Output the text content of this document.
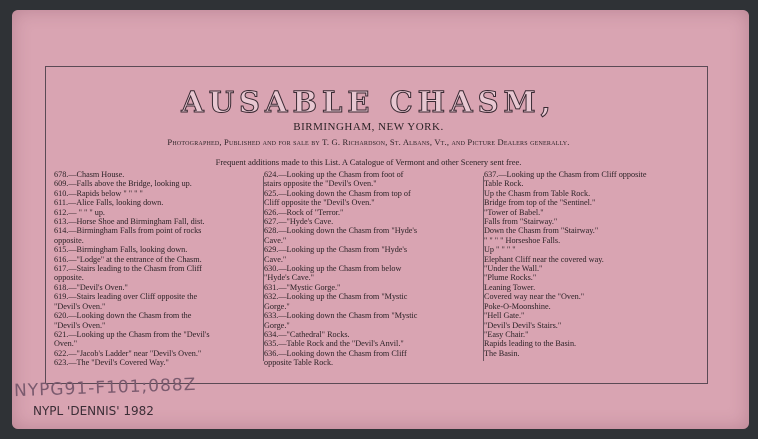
AUSABLE CHASM,
BIRMINGHAM, NEW YORK.
Photographed, Published and for sale by T. G. Richardson, St. Albans, Vt., and Picture Dealers generally.
Frequent additions made to this List. A Catalogue of Vermont and other Scenery sent free.
678.—Chasm House.
609.—Falls above the Bridge, looking up.
610.—Rapids below " " " "
611.—Alice Falls, looking down.
612.— " " " up.
613.—Horse Shoe and Birmingham Fall, dist.
614.—Birmingham Falls from point of rocks
opposite.
615.—Birmingham Falls, looking down.
616.—"Lodge" at the entrance of the Chasm.
617.—Stairs leading to the Chasm from Cliff
opposite.
618.—"Devil's Oven."
619.—Stairs leading over Cliff opposite the
"Devil's Oven."
620.—Looking down the Chasm from the
"Devil's Oven."
621.—Looking up the Chasm from the "Devil's
Oven."
622.—"Jacob's Ladder" near "Devil's Oven."
623.—The "Devil's Covered Way."
624.—Looking up the Chasm from foot of
stairs opposite the "Devil's Oven."
625.—Looking down the Chasm from top of
Cliff opposite the "Devil's Oven."
626.—Rock of "Terror."
627.—"Hyde's Cave.
628.—Looking down the Chasm from "Hyde's
Cave."
629.—Looking up the Chasm from "Hyde's
Cave."
630.—Looking up the Chasm from below
"Hyde's Cave."
631.—"Mystic Gorge."
632.—Looking up the Chasm from "Mystic
Gorge."
633.—Looking down the Chasm from "Mystic
Gorge."
634.—"Cathedral" Rocks.
635.—Table Rock and the "Devil's Anvil."
636.—Looking down the Chasm from Cliff
opposite Table Rock.
637.—Looking up the Chasm from Cliff opposite
Table Rock.
Up the Chasm from Table Rock.
Bridge from top of the "Sentinel."
"Tower of Babel."
Falls from "Stairway."
Down the Chasm from "Stairway."
" " " " Horseshoe Falls.
Up " " " "
Elephant Cliff near the covered way.
"Under the Wall."
"Plume Rocks."
Leaning Tower.
Covered way near the "Oven."
Poke-O-Moonshine.
"Hell Gate."
"Devil's Devil's Stairs."
"Easy Chair."
Rapids leading to the Basin.
The Basin.
NYPG91-F101;088Z
NYPL 'DENNIS' 1982
